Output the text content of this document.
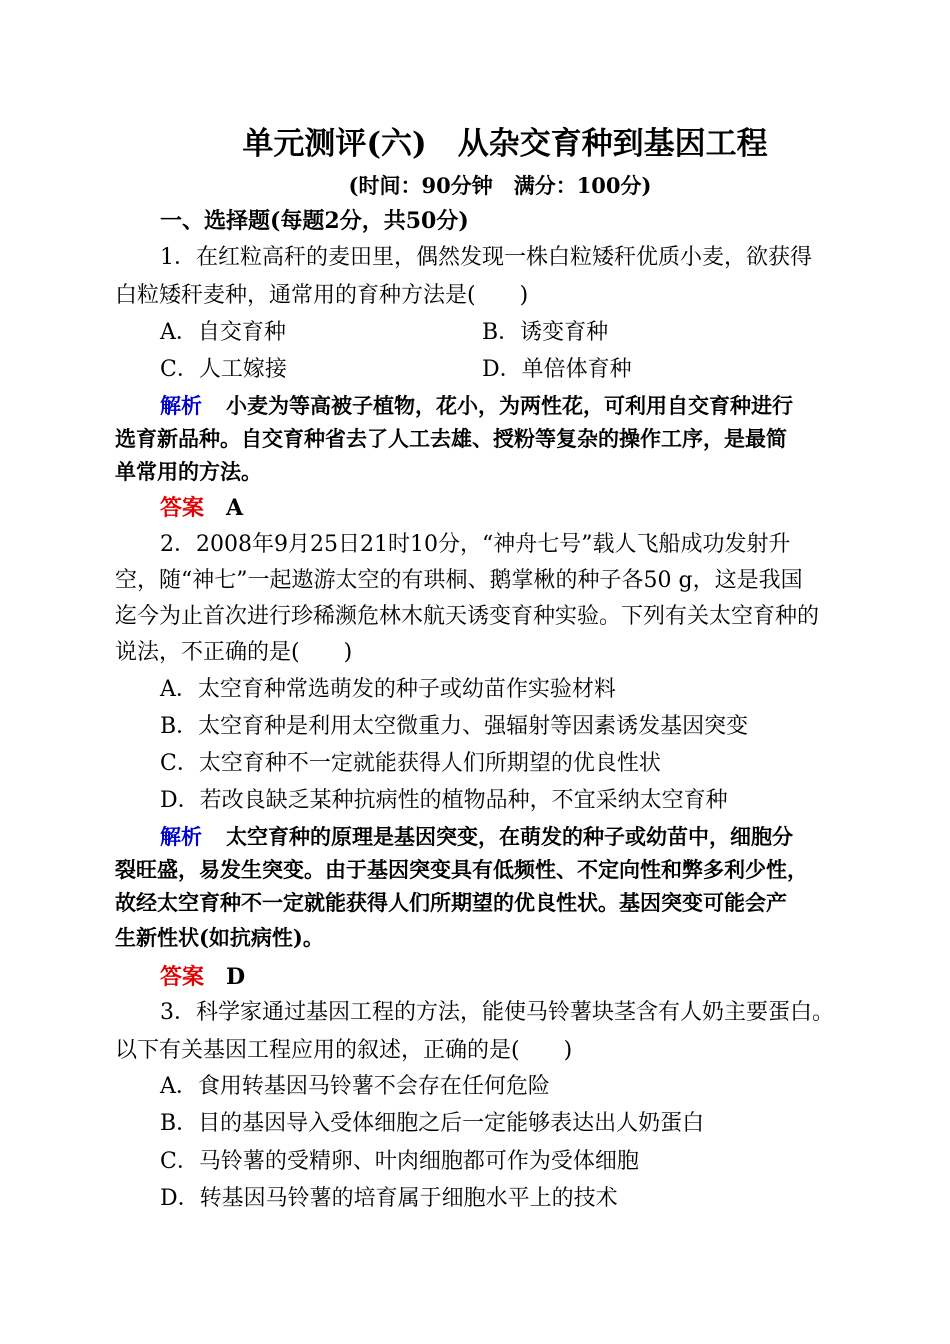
单元测评(六)　从杂交育种到基因工程
(时间：90分钟　满分：100分)
一、选择题(每题2分，共50分)
1．在红粒高秆的麦田里，偶然发现一株白粒矮秆优质小麦，欲获得
白粒矮秆麦种，通常用的育种方法是(　　)
A．自交育种	B．诱变育种
C．人工嫁接	D．单倍体育种
解析 小麦为等高被子植物，花小，为两性花，可利用自交育种进行
选育新品种。自交育种省去了人工去雄、授粉等复杂的操作工序，是最简
单常用的方法。
答案 A
2．2008年9月25日21时10分，“神舟七号”载人飞船成功发射升
空，随“神七”一起遨游太空的有珙桐、鹅掌楸的种子各50 g，这是我国
迄今为止首次进行珍稀濒危林木航天诱变育种实验。下列有关太空育种的
说法，不正确的是(　　)
A．太空育种常选萌发的种子或幼苗作实验材料
B．太空育种是利用太空微重力、强辐射等因素诱发基因突变
C．太空育种不一定就能获得人们所期望的优良性状
D．若改良缺乏某种抗病性的植物品种，不宜采纳太空育种
解析 太空育种的原理是基因突变，在萌发的种子或幼苗中，细胞分
裂旺盛，易发生突变。由于基因突变具有低频性、不定向性和弊多利少性，
故经太空育种不一定就能获得人们所期望的优良性状。基因突变可能会产
生新性状(如抗病性)。
答案 D
3．科学家通过基因工程的方法，能使马铃薯块茎含有人奶主要蛋白。
以下有关基因工程应用的叙述，正确的是(　　)
A．食用转基因马铃薯不会存在任何危险
B．目的基因导入受体细胞之后一定能够表达出人奶蛋白
C．马铃薯的受精卵、叶肉细胞都可作为受体细胞
D．转基因马铃薯的培育属于细胞水平上的技术
